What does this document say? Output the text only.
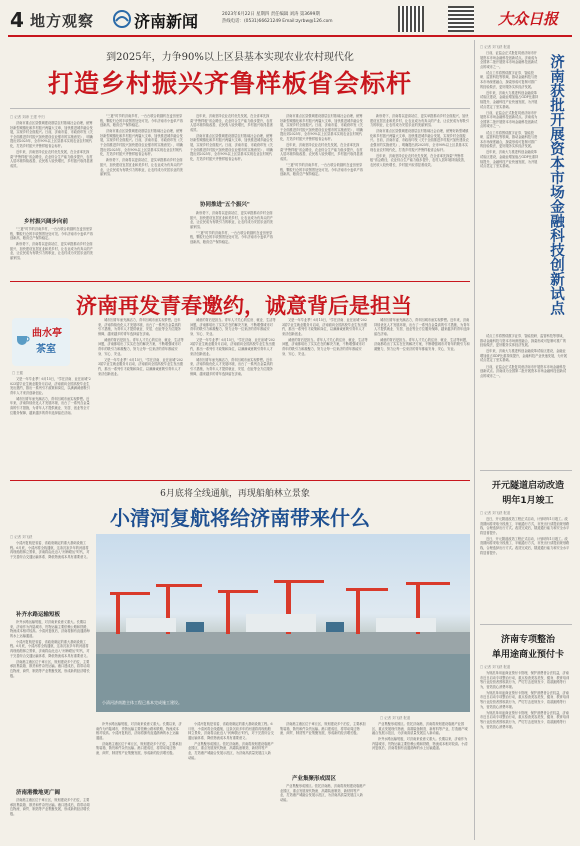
4 地方观察 济南新闻	2023年6月22日 星期四 责任编辑 刘涛 第3699期
热线电话：(0531)66621249 Email:zyrbw@126.com	大众日报
到2025年，力争90%以上区县基本实现农业农村现代化
打造乡村振兴齐鲁样板省会标杆
□ 记者 刘涛 王建 中归

济南市重点区县强调建设基层农村基础社会治理，统筹好新型城镇化和乡村振兴两篇大文章，加快推进城乡融合发展，实现乡村全面振兴。日前，济南市委、市政府印发《关于全面推进乡村振兴加快建设农业强市的实施意见》，明确提出到2025年，全市90%以上区县基本实现农业农村现代化，打造乡村振兴齐鲁样板省会标杆。

近年来，济南坚持农业农村优先发展，在全省率先探索"齐鲁样板"省会路径，农业综合生产能力稳步提升，农村人居环境持续改善，农民收入较快增长，乡村振兴取得显著成效。

乡村振兴阔步向前

"三夏"时节的济南乡村，一台台联合收割机在麦田里穿梭，颗粒归仓的丰收图景处处可见。今年济南市小麦单产再创新高，粮食总产保持稳定。

新形势下，济南将以更高站位、更实举措推动乡村全面振兴，加快建设宜居宜业和美乡村，让农业成为有奔头的产业，让农民成为有吸引力的职业，让农村成为安居乐业的美丽家园。

"三夏"时节的济南乡村，一台台联合收割机在麦田里穿梭，颗粒归仓的丰收图景处处可见。今年济南市小麦单产再创新高，粮食总产保持稳定。

济南市重点区县强调建设基层农村基础社会治理，统筹好新型城镇化和乡村振兴两篇大文章，加快推进城乡融合发展，实现乡村全面振兴。日前，济南市委、市政府印发《关于全面推进乡村振兴加快建设农业强市的实施意见》，明确提出到2025年，全市90%以上区县基本实现农业农村现代化，打造乡村振兴齐鲁样板省会标杆。

新形势下，济南将以更高站位、更实举措推动乡村全面振兴，加快建设宜居宜业和美乡村，让农业成为有奔头的产业，让农民成为有吸引力的职业，让农村成为安居乐业的美丽家园。

近年来，济南坚持农业农村优先发展，在全省率先探索"齐鲁样板"省会路径，农业综合生产能力稳步提升，农村人居环境持续改善，农民收入较快增长，乡村振兴取得显著成效。

济南市重点区县强调建设基层农村基础社会治理，统筹好新型城镇化和乡村振兴两篇大文章，加快推进城乡融合发展，实现乡村全面振兴。日前，济南市委、市政府印发《关于全面推进乡村振兴加快建设农业强市的实施意见》，明确提出到2025年，全市90%以上区县基本实现农业农村现代化，打造乡村振兴齐鲁样板省会标杆。

协同推进"五个振兴"

新形势下，济南将以更高站位、更实举措推动乡村全面振兴，加快建设宜居宜业和美乡村，让农业成为有奔头的产业，让农民成为有吸引力的职业，让农村成为安居乐业的美丽家园。

"三夏"时节的济南乡村，一台台联合收割机在麦田里穿梭，颗粒归仓的丰收图景处处可见。今年济南市小麦单产再创新高，粮食总产保持稳定。

济南市重点区县强调建设基层农村基础社会治理，统筹好新型城镇化和乡村振兴两篇大文章，加快推进城乡融合发展，实现乡村全面振兴。日前，济南市委、市政府印发《关于全面推进乡村振兴加快建设农业强市的实施意见》，明确提出到2025年，全市90%以上区县基本实现农业农村现代化，打造乡村振兴齐鲁样板省会标杆。

近年来，济南坚持农业农村优先发展，在全省率先探索"齐鲁样板"省会路径，农业综合生产能力稳步提升，农村人居环境持续改善，农民收入较快增长，乡村振兴取得显著成效。

"三夏"时节的济南乡村，一台台联合收割机在麦田里穿梭，颗粒归仓的丰收图景处处可见。今年济南市小麦单产再创新高，粮食总产保持稳定。

新形势下，济南将以更高站位、更实举措推动乡村全面振兴，加快建设宜居宜业和美乡村，让农业成为有奔头的产业，让农民成为有吸引力的职业，让农村成为安居乐业的美丽家园。

济南市重点区县强调建设基层农村基础社会治理，统筹好新型城镇化和乡村振兴两篇大文章，加快推进城乡融合发展，实现乡村全面振兴。日前，济南市委、市政府印发《关于全面推进乡村振兴加快建设农业强市的实施意见》，明确提出到2025年，全市90%以上区县基本实现农业农村现代化，打造乡村振兴齐鲁样板省会标杆。

近年来，济南坚持农业农村优先发展，在全省率先探索"齐鲁样板"省会路径，农业综合生产能力稳步提升，农村人居环境持续改善，农民收入较快增长，乡村振兴取得显著成效。

济南再发青春邀约，诚意背后是担当
曲水亭
茶室
□ 王健

又是一年毕业季！6月15日，"学在济南、业在泉城"2023届毕业生就业服务月启动，济南面向全国高校毕业生发出邀约，推出一系列引才政策和岗位，以满满诚意吸引青年人才来济创新创业。

城市因青年而充满活力，青年因城市而实现梦想。近年来，济南持续优化人才发展环境，出台了一系列含金量高的引才措施，为青年人才提供就业、安居、创业等全方位服务保障，越来越多的青年选择留在济南。

城市因青年而充满活力，青年因城市而实现梦想。近年来，济南持续优化人才发展环境，出台了一系列含金量高的引才措施，为青年人才提供就业、安居、创业等全方位服务保障，越来越多的青年选择留在济南。

诚意的背后是担当。青年人才关心的住房、就业、生活等问题，济南都给出了实实在在的解决方案，不断增强城市对青年的吸引力和凝聚力，努力让每一位来济的青年都能安身、安心、安业。

又是一年毕业季！6月15日，"学在济南、业在泉城"2023届毕业生就业服务月启动，济南面向全国高校毕业生发出邀约，推出一系列引才政策和岗位，以满满诚意吸引青年人才来济创新创业。

诚意的背后是担当。青年人才关心的住房、就业、生活等问题，济南都给出了实实在在的解决方案，不断增强城市对青年的吸引力和凝聚力，努力让每一位来济的青年都能安身、安心、安业。

又是一年毕业季！6月15日，"学在济南、业在泉城"2023届毕业生就业服务月启动，济南面向全国高校毕业生发出邀约，推出一系列引才政策和岗位，以满满诚意吸引青年人才来济创新创业。

城市因青年而充满活力，青年因城市而实现梦想。近年来，济南持续优化人才发展环境，出台了一系列含金量高的引才措施，为青年人才提供就业、安居、创业等全方位服务保障，越来越多的青年选择留在济南。

又是一年毕业季！6月15日，"学在济南、业在泉城"2023届毕业生就业服务月启动，济南面向全国高校毕业生发出邀约，推出一系列引才政策和岗位，以满满诚意吸引青年人才来济创新创业。

诚意的背后是担当。青年人才关心的住房、就业、生活等问题，济南都给出了实实在在的解决方案，不断增强城市对青年的吸引力和凝聚力，努力让每一位来济的青年都能安身、安心、安业。

城市因青年而充满活力，青年因城市而实现梦想。近年来，济南持续优化人才发展环境，出台了一系列含金量高的引才措施，为青年人才提供就业、安居、创业等全方位服务保障，越来越多的青年选择留在济南。

诚意的背后是担当。青年人才关心的住房、就业、生活等问题，济南都给出了实实在在的解决方案，不断增强城市对青年的吸引力和凝聚力，努力让每一位来济的青年都能安身、安心、安业。

6月底将全线通航，再现船舶林立景象
小清河复航将给济南带来什么
□ 记者 刘飞跃

小清河复航是省委、省政府确定的重大基础设施工程。6月底，小清河将全线通航，这条沉寂多年的河道将再现船舶林立景象，济南将由此迈入"河海联运"时代，对于完善综合交通运输体系、降低物流成本具有重要意义。

补齐水路运输短板

补齐水路运输短板，对济南来说意义重大。长期以来，济南作为内陆城市，货物运输主要依赖公路和铁路，物流成本相对较高。小清河复航后，济南将拥有直通渤海的水上运输通道。

小清河复航是省委、省政府确定的重大基础设施工程。6月底，小清河将全线通航，这条沉寂多年的河道将再现船舶林立景象，济南将由此迈入"河海联运"时代，对于完善综合交通运输体系、降低物流成本具有重要意义。

济南港主港区位于章丘区，规划建设多个泊位，主要承担集装箱、散货和件杂货运输。港口建成后，将带动周边物流、商贸、制造等产业集聚发展，形成新的经济增长极。

济南港微地更广阔

济南港主港区位于章丘区，规划建设多个泊位，主要承担集装箱、散货和件杂货运输。港口建成后，将带动周边物流、商贸、制造等产业集聚发展，形成新的经济增长极。

小清河济南港主体工程已基本完成施工建设。
□ 记者 刘飞跃 报道

补齐水路运输短板，对济南来说意义重大。长期以来，济南作为内陆城市，货物运输主要依赖公路和铁路，物流成本相对较高。小清河复航后，济南将拥有直通渤海的水上运输通道。

济南港主港区位于章丘区，规划建设多个泊位，主要承担集装箱、散货和件杂货运输。港口建成后，将带动周边物流、商贸、制造等产业集聚发展，形成新的经济增长极。

小清河复航是省委、省政府确定的重大基础设施工程。6月底，小清河将全线通航，这条沉寂多年的河道将再现船舶林立景象，济南将由此迈入"河海联运"时代，对于完善综合交通运输体系、降低物流成本具有重要意义。

产业集聚形成固区。依托济南港，济南将规划建设临港产业园区，重点发展现代物流、高端装备制造、新材料等产业，打造港产城融合发展示范区，为济南高质量发展注入新动能。

产业集聚形成固区

济南港主港区位于章丘区，规划建设多个泊位，主要承担集装箱、散货和件杂货运输。港口建成后，将带动周边物流、商贸、制造等产业集聚发展，形成新的经济增长极。

产业集聚形成固区。依托济南港，济南将规划建设临港产业园区，重点发展现代物流、高端装备制造、新材料等产业，打造港产城融合发展示范区，为济南高质量发展注入新动能。

产业集聚形成固区。依托济南港，济南将规划建设临港产业园区，重点发展现代物流、高端装备制造、新材料等产业，打造港产城融合发展示范区，为济南高质量发展注入新动能。

补齐水路运输短板，对济南来说意义重大。长期以来，济南作为内陆城市，货物运输主要依赖公路和铁路，物流成本相对较高。小清河复航后，济南将拥有直通渤海的水上运输通道。

□ 记者 刘飞跃 报道

日前，证监会正式批复同意济南市开展资本市场金融科技创新试点。济南成为全国第二批开展资本市场金融科技创新试点的城市之一。

试点工作将围绕数字证券、智能投研、监管科技等领域，推动金融科技与资本市场深度融合，探索形成可复制可推广的经验做法，更好服务实体经济发展。

近年来，济南大力推进科创金融改革试验区建设，金融业增加值占GDP比重持续提升，金融科技产业快速发展，为开展试点奠定了坚实基础。

日前，证监会正式批复同意济南市开展资本市场金融科技创新试点。济南成为全国第二批开展资本市场金融科技创新试点的城市之一。

试点工作将围绕数字证券、智能投研、监管科技等领域，推动金融科技与资本市场深度融合，探索形成可复制可推广的经验做法，更好服务实体经济发展。

近年来，济南大力推进科创金融改革试验区建设，金融业增加值占GDP比重持续提升，金融科技产业快速发展，为开展试点奠定了坚实基础。	济南获批开展资本市场金融科技创新试点

试点工作将围绕数字证券、智能投研、监管科技等领域，推动金融科技与资本市场深度融合，探索形成可复制可推广的经验做法，更好服务实体经济发展。

近年来，济南大力推进科创金融改革试验区建设，金融业增加值占GDP比重持续提升，金融科技产业快速发展，为开展试点奠定了坚实基础。

日前，证监会正式批复同意济南市开展资本市场金融科技创新试点。济南成为全国第二批开展资本市场金融科技创新试点的城市之一。

开元隧道启动改造
明年1月竣工
□ 记者 刘飞跃 报道

近日，开元隧道改造工程正式启动，计划明年1月竣工。改造期间将采取分段施工、半幅通行方式，市民出行请提前规划路线，合理选择出行方式。改造完成后，隧道通行能力和安全水平将显著提升。

近日，开元隧道改造工程正式启动，计划明年1月竣工。改造期间将采取分段施工、半幅通行方式，市民出行请提前规划路线，合理选择出行方式。改造完成后，隧道通行能力和安全水平将显著提升。

济南专项整治
单用途商业预付卡
□ 记者 刘飞跃 报道

为规范单用途商业预付卡管理，保护消费者合法权益，济南市近日启动专项整治行动，重点检查美容美发、健身、教育培训等行业经营者预收款行为，严厉打击违规发卡、卷款跑路等行为，营造放心消费环境。

为规范单用途商业预付卡管理，保护消费者合法权益，济南市近日启动专项整治行动，重点检查美容美发、健身、教育培训等行业经营者预收款行为，严厉打击违规发卡、卷款跑路等行为，营造放心消费环境。

为规范单用途商业预付卡管理，保护消费者合法权益，济南市近日启动专项整治行动，重点检查美容美发、健身、教育培训等行业经营者预收款行为，严厉打击违规发卡、卷款跑路等行为，营造放心消费环境。
